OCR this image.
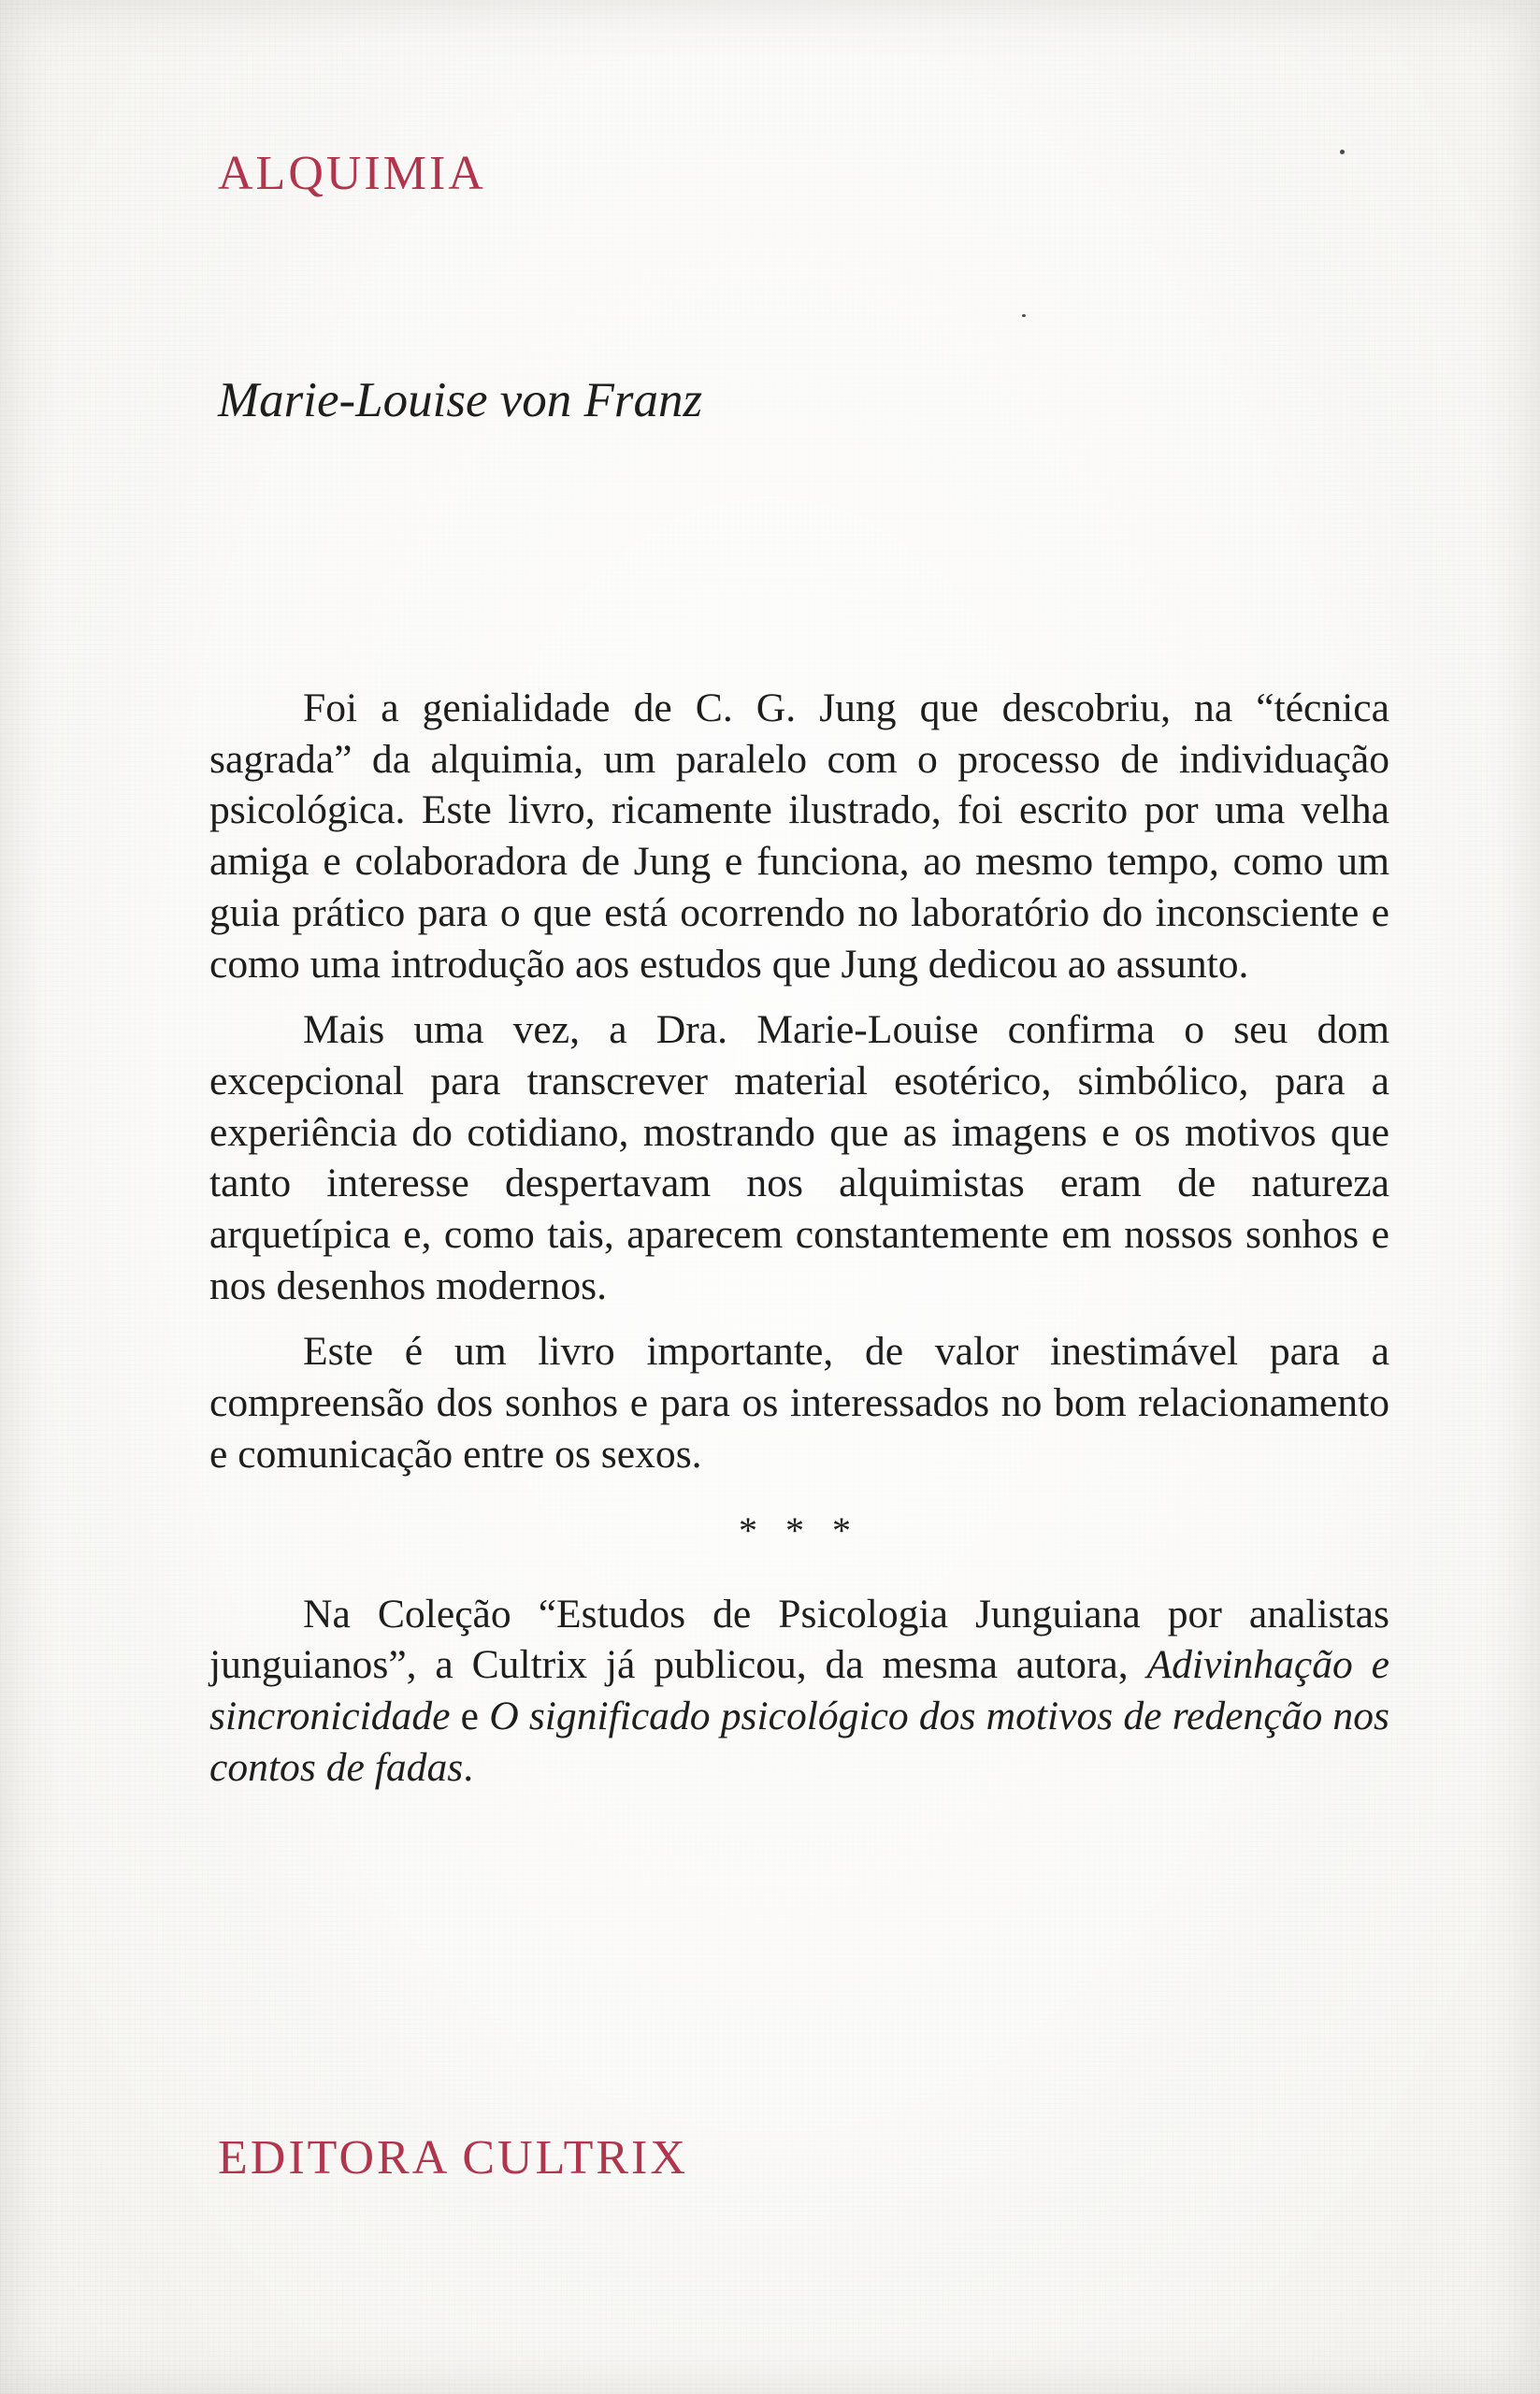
ALQUIMIA
Marie-Louise von Franz

Foi a genialidade de C. G. Jung que descobriu, na “técnica sagrada” da alquimia, um paralelo com o processo de individuação psicológica. Este livro, ricamente ilustrado, foi escrito por uma velha amiga e colaboradora de Jung e funciona, ao mesmo tempo, como um guia prático para o que está ocorrendo no laboratório do inconsciente e como uma introdução aos estudos que Jung dedicou ao assunto.

Mais uma vez, a Dra. Marie-Louise confirma o seu dom excepcional para transcrever material esotérico, simbólico, para a experiência do cotidiano, mostrando que as imagens e os motivos que tanto interesse despertavam nos alquimistas eram de natureza arquetípica e, como tais, aparecem constantemente em nossos sonhos e nos desenhos modernos.

Este é um livro importante, de valor inestimável para a compreensão dos sonhos e para os interessados no bom relacionamento e comunicação entre os sexos.

* * *

Na Coleção “Estudos de Psicologia Junguiana por analistas junguianos”, a Cultrix já publicou, da mesma autora, Adivinhação e sincronicidade e O significado psicológico dos motivos de redenção nos contos de fadas.

EDITORA CULTRIX
